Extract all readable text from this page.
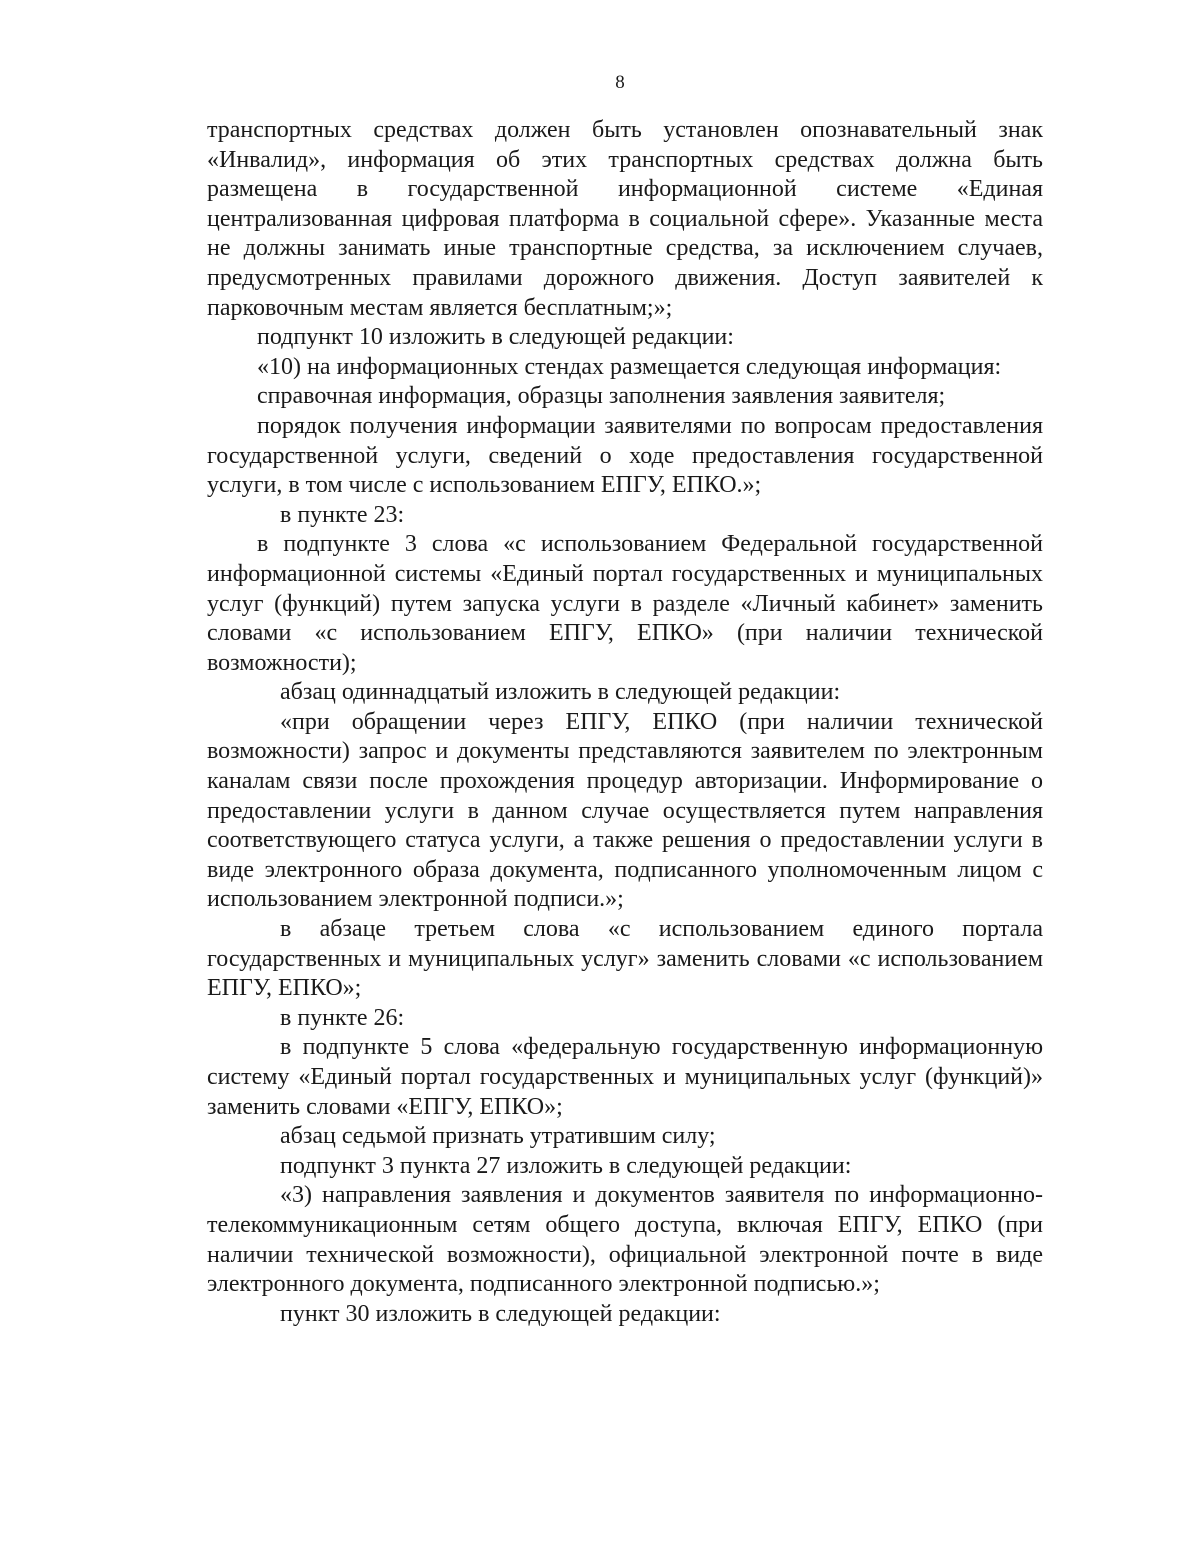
8

транспортных средствах должен быть установлен опознавательный знак «Инвалид», информация об этих транспортных средствах должна быть размещена в государственной информационной системе «Единая централизованная цифровая платформа в социальной сфере». Указанные места не должны занимать иные транспортные средства, за исключением случаев, предусмотренных правилами дорожного движения. Доступ заявителей к парковочным местам является бесплатным;»;

подпункт 10 изложить в следующей редакции:

«10) на информационных стендах размещается следующая информация:

справочная информация, образцы заполнения заявления заявителя;

порядок получения информации заявителями по вопросам предоставления государственной услуги, сведений о ходе предоставления государственной услуги, в том числе с использованием ЕПГУ, ЕПКО.»;

в пункте 23:

в подпункте 3 слова «с использованием Федеральной государственной информационной системы «Единый портал государственных и муниципальных услуг (функций) путем запуска услуги в разделе «Личный кабинет» заменить словами «с использованием ЕПГУ, ЕПКО» (при наличии технической возможности);

абзац одиннадцатый изложить в следующей редакции:

«при обращении через ЕПГУ, ЕПКО (при наличии технической возможности) запрос и документы представляются заявителем по электронным каналам связи после прохождения процедур авторизации. Информирование о предоставлении услуги в данном случае осуществляется путем направления соответствующего статуса услуги, а также решения о предоставлении услуги в виде электронного образа документа, подписанного уполномоченным лицом с использованием электронной подписи.»;

в абзаце третьем слова «с использованием единого портала государственных и муниципальных услуг» заменить словами «с использованием ЕПГУ, ЕПКО»;

в пункте 26:

в подпункте 5 слова «федеральную государственную информационную систему «Единый портал государственных и муниципальных услуг (функций)» заменить словами «ЕПГУ, ЕПКО»;

абзац седьмой признать утратившим силу;

подпункт 3 пункта 27 изложить в следующей редакции:

«3) направления заявления и документов заявителя по информационно-телекоммуникационным сетям общего доступа, включая ЕПГУ, ЕПКО (при наличии технической возможности), официальной электронной почте в виде электронного документа, подписанного электронной подписью.»;

пункт 30 изложить в следующей редакции:
